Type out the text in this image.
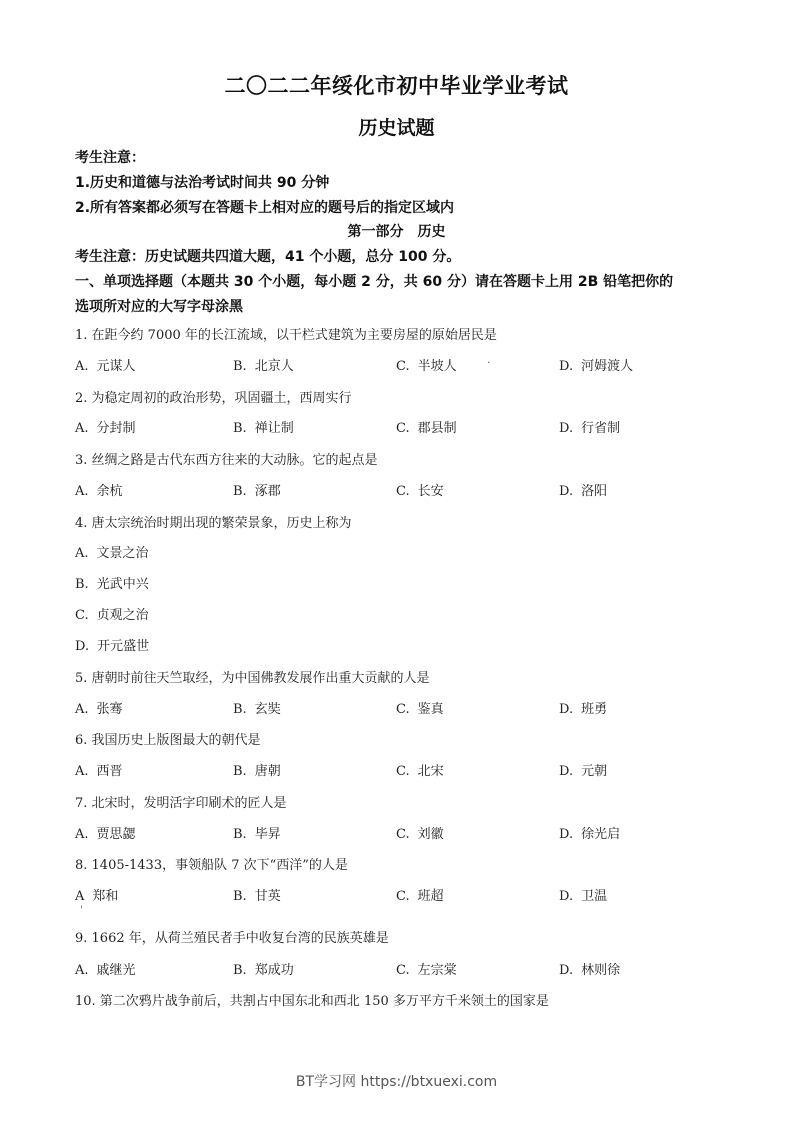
二〇二二年绥化市初中毕业学业考试
历史试题
考生注意：
1.历史和道德与法治考试时间共 90 分钟
2.所有答案都必须写在答题卡上相对应的题号后的指定区域内
第一部分　历史
考生注意：历史试题共四道大题，41 个小题，总分 100 分。
一、单项选择题（本题共 30 个小题，每小题 2 分，共 60 分）请在答题卡上用 2B 铅笔把你的
选项所对应的大写字母涂黑
1. 在距今约 7000 年的长江流域，以干栏式建筑为主要房屋的原始居民是
A. 元谋人	B. 北京人	C. 半坡人	.	D. 河姆渡人
2. 为稳定周初的政治形势，巩固疆土，西周实行
A. 分封制	B. 禅让制	C. 郡县制	D. 行省制
3. 丝绸之路是古代东西方往来的大动脉。它的起点是
A. 余杭	B. 涿郡	C. 长安	D. 洛阳
4. 唐太宗统治时期出现的繁荣景象，历史上称为
A. 文景之治
B. 光武中兴
C. 贞观之治
D. 开元盛世
5. 唐朝时前往天竺取经，为中国佛教发展作出重大贡献的人是
A. 张骞	B. 玄奘	C. 鉴真	D. 班勇
6. 我国历史上版图最大的朝代是
A. 西晋	B. 唐朝	C. 北宋	D. 元朝
7. 北宋时，发明活字印刷术的匠人是
A. 贾思勰	B. 毕昇	C. 刘徽	D. 徐光启
8. 1405-1433，事领船队 7 次下“西洋”的人是
A 郑和	B. 甘英	C. 班超	D. 卫温
'
9. 1662 年，从荷兰殖民者手中收复台湾的民族英雄是
A. 戚继光	B. 郑成功	C. 左宗棠	D. 林则徐
10. 第二次鸦片战争前后，共割占中国东北和西北 150 多万平方千米领土的国家是
BT学习网 https://btxuexi.com
